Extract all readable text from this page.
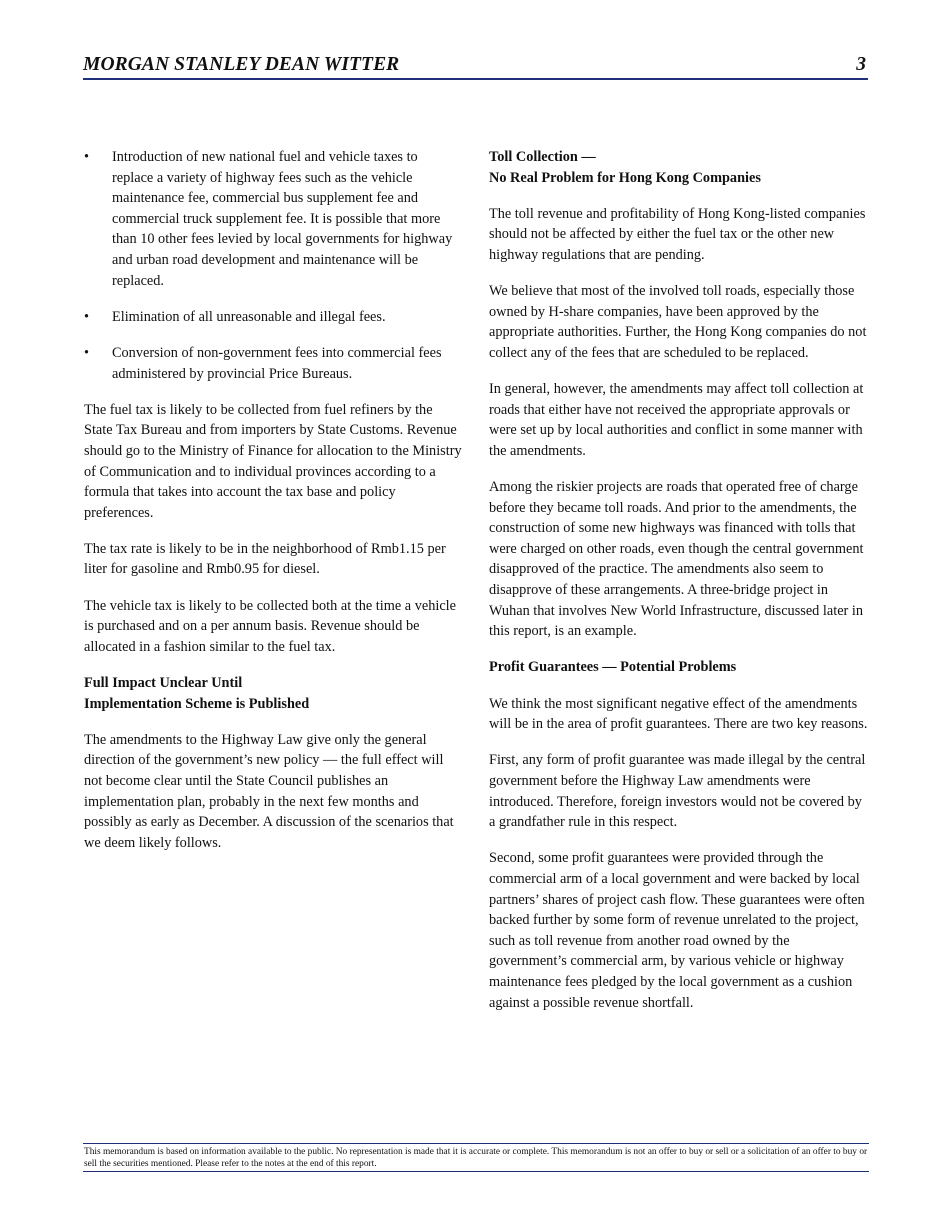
MORGAN STANLEY DEAN WITTER	3
•	Introduction of new national fuel and vehicle taxes to replace a variety of highway fees such as the vehicle maintenance fee, commercial bus supplement fee and commercial truck supplement fee. It is possible that more than 10 other fees levied by local governments for highway and urban road development and maintenance will be replaced.
•	Elimination of all unreasonable and illegal fees.
•	Conversion of non-government fees into commercial fees administered by provincial Price Bureaus.

The fuel tax is likely to be collected from fuel refiners by the State Tax Bureau and from importers by State Customs. Revenue should go to the Ministry of Finance for allocation to the Ministry of Communication and to individual provinces according to a formula that takes into account the tax base and policy preferences.

The tax rate is likely to be in the neighborhood of Rmb1.15 per liter for gasoline and Rmb0.95 for diesel.

The vehicle tax is likely to be collected both at the time a vehicle is purchased and on a per annum basis. Revenue should be allocated in a fashion similar to the fuel tax.

Full Impact Unclear Until
Implementation Scheme is Published

The amendments to the Highway Law give only the general direction of the government’s new policy — the full effect will not become clear until the State Council publishes an implementation plan, probably in the next few months and possibly as early as December. A discussion of the scenarios that we deem likely follows.

Toll Collection —
No Real Problem for Hong Kong Companies

The toll revenue and profitability of Hong Kong-listed companies should not be affected by either the fuel tax or the other new highway regulations that are pending.

We believe that most of the involved toll roads, especially those owned by H-share companies, have been approved by the appropriate authorities. Further, the Hong Kong companies do not collect any of the fees that are scheduled to be replaced.

In general, however, the amendments may affect toll collection at roads that either have not received the appropriate approvals or were set up by local authorities and conflict in some manner with the amendments.

Among the riskier projects are roads that operated free of charge before they became toll roads. And prior to the amendments, the construction of some new highways was financed with tolls that were charged on other roads, even though the central government disapproved of the practice. The amendments also seem to disapprove of these arrangements. A three-bridge project in Wuhan that involves New World Infrastructure, discussed later in this report, is an example.

Profit Guarantees — Potential Problems

We think the most significant negative effect of the amendments will be in the area of profit guarantees. There are two key reasons.

First, any form of profit guarantee was made illegal by the central government before the Highway Law amendments were introduced. Therefore, foreign investors would not be covered by a grandfather rule in this respect.

Second, some profit guarantees were provided through the commercial arm of a local government and were backed by local partners’ shares of project cash flow. These guarantees were often backed further by some form of revenue unrelated to the project, such as toll revenue from another road owned by the government’s commercial arm, by various vehicle or highway maintenance fees pledged by the local government as a cushion against a possible revenue shortfall.

This memorandum is based on information available to the public. No representation is made that it is accurate or complete. This memorandum is not an offer to buy or sell or a solicitation of an offer to buy or sell the securities mentioned. Please refer to the notes at the end of this report.
